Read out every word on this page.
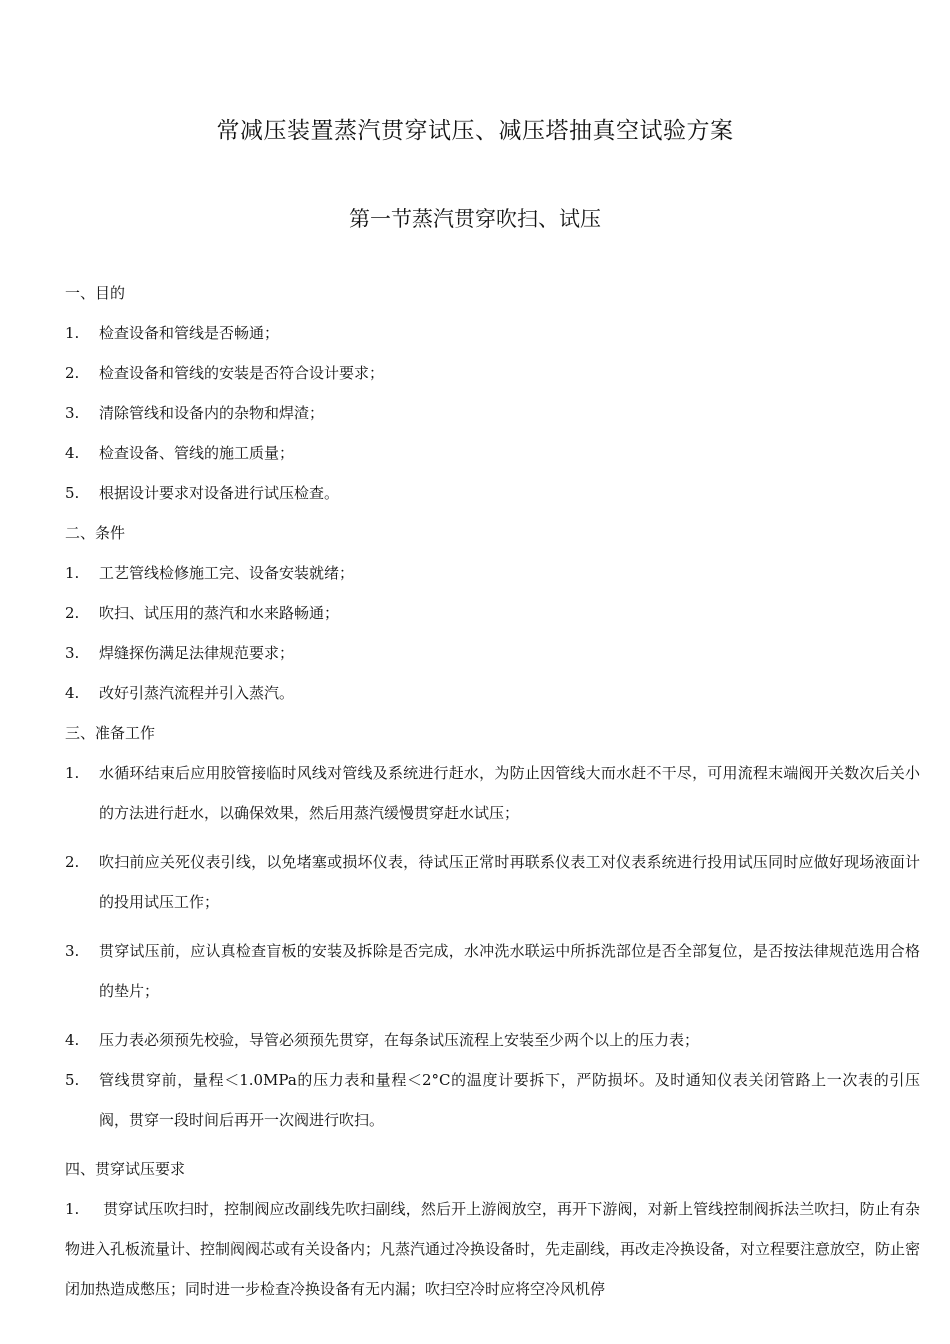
常减压装置蒸汽贯穿试压、减压塔抽真空试验方案
第一节蒸汽贯穿吹扫、试压
一、目的
1.	检查设备和管线是否畅通；
2.	检查设备和管线的安装是否符合设计要求；
3.	清除管线和设备内的杂物和焊渣；
4.	检查设备、管线的施工质量；
5.	根据设计要求对设备进行试压检查。
二、条件
1.	工艺管线检修施工完、设备安装就绪；
2.	吹扫、试压用的蒸汽和水来路畅通；
3.	焊缝探伤满足法律规范要求；
4.	改好引蒸汽流程并引入蒸汽。
三、准备工作
1.	水循环结束后应用胶管接临时风线对管线及系统进行赶水，为防止因管线大而水赶不干尽，可用流程末端阀开关数次后关小的方法进行赶水，以确保效果，然后用蒸汽缓慢贯穿赶水试压；
2.	吹扫前应关死仪表引线，以免堵塞或损坏仪表，待试压正常时再联系仪表工对仪表系统进行投用试压同时应做好现场液面计的投用试压工作；
3.	贯穿试压前，应认真检查盲板的安装及拆除是否完成，水冲洗水联运中所拆洗部位是否全部复位，是否按法律规范选用合格的垫片；
4.	压力表必须预先校验，导管必须预先贯穿，在每条试压流程上安装至少两个以上的压力表；
5.	管线贯穿前，量程＜1.0MPa的压力表和量程＜2°C的温度计要拆下，严防损坏。及时通知仪表关闭管路上一次表的引压阀，贯穿一段时间后再开一次阀进行吹扫。
四、贯穿试压要求
1. 贯穿试压吹扫时，控制阀应改副线先吹扫副线，然后开上游阀放空，再开下游阀，对新上管线控制阀拆法兰吹扫，防止有杂物进入孔板流量计、控制阀阀芯或有关设备内；凡蒸汽通过冷换设备时，先走副线，再改走冷换设备，对立程要注意放空，防止密闭加热造成憋压；同时进一步检查冷换设备有无内漏；吹扫空冷时应将空冷风机停
